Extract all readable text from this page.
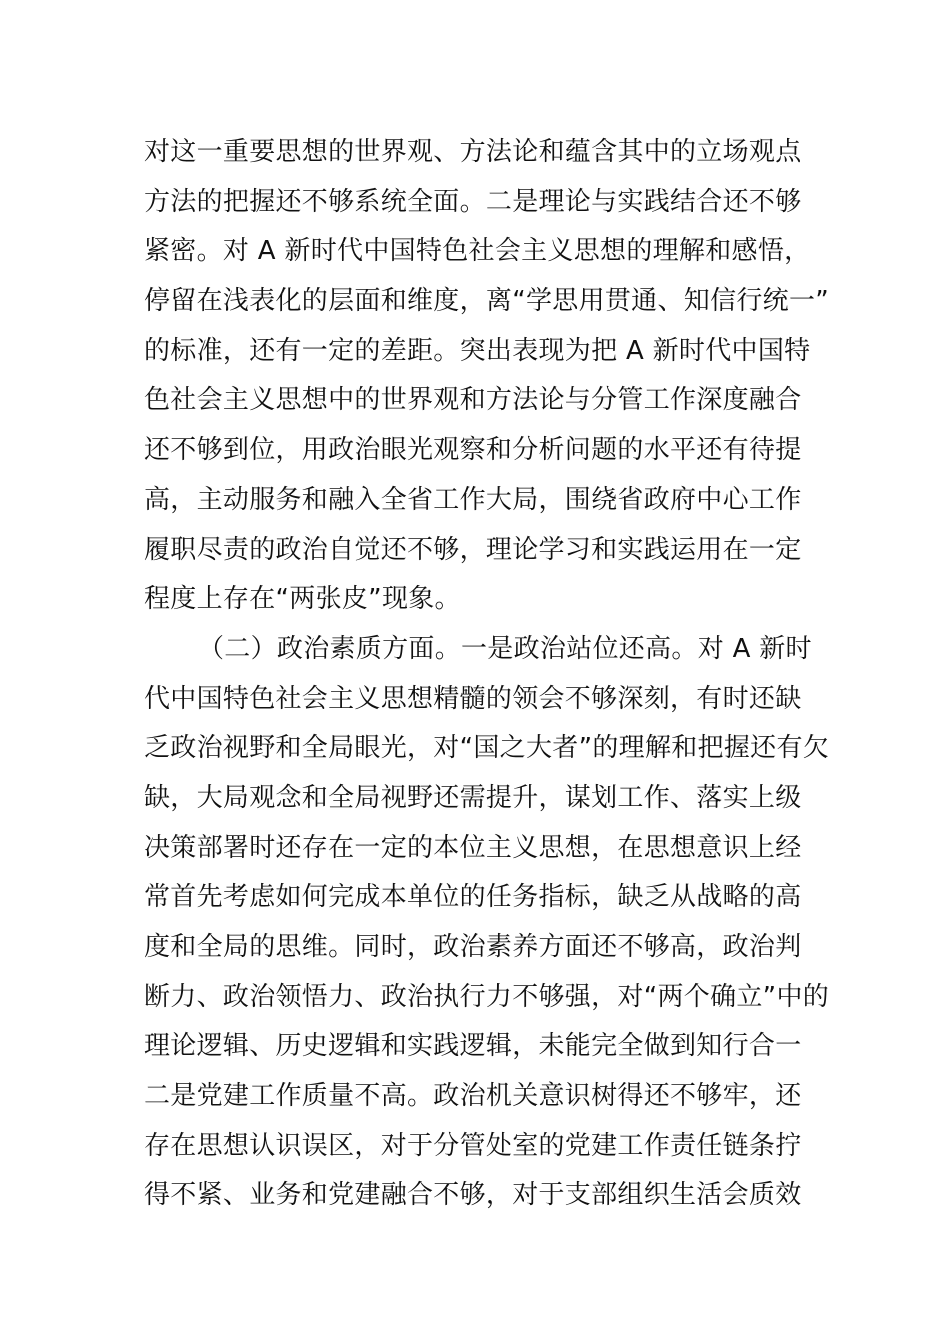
对这一重要思想的世界观、方法论和蕴含其中的立场观点
方法的把握还不够系统全面。二是理论与实践结合还不够
紧密。对 A 新时代中国特色社会主义思想的理解和感悟，
停留在浅表化的层面和维度，离“学思用贯通、知信行统一”
的标准，还有一定的差距。突出表现为把 A 新时代中国特
色社会主义思想中的世界观和方法论与分管工作深度融合
还不够到位，用政治眼光观察和分析问题的水平还有待提
高，主动服务和融入全省工作大局，围绕省政府中心工作
履职尽责的政治自觉还不够，理论学习和实践运用在一定
程度上存在“两张皮”现象。
（二）政治素质方面。一是政治站位还高。对 A 新时
代中国特色社会主义思想精髓的领会不够深刻，有时还缺
乏政治视野和全局眼光，对“国之大者”的理解和把握还有欠
缺，大局观念和全局视野还需提升，谋划工作、落实上级
决策部署时还存在一定的本位主义思想，在思想意识上经
常首先考虑如何完成本单位的任务指标，缺乏从战略的高
度和全局的思维。同时，政治素养方面还不够高，政治判
断力、政治领悟力、政治执行力不够强，对“两个确立”中的
理论逻辑、历史逻辑和实践逻辑，未能完全做到知行合一
二是党建工作质量不高。政治机关意识树得还不够牢，还
存在思想认识误区，对于分管处室的党建工作责任链条拧
得不紧、业务和党建融合不够，对于支部组织生活会质效
